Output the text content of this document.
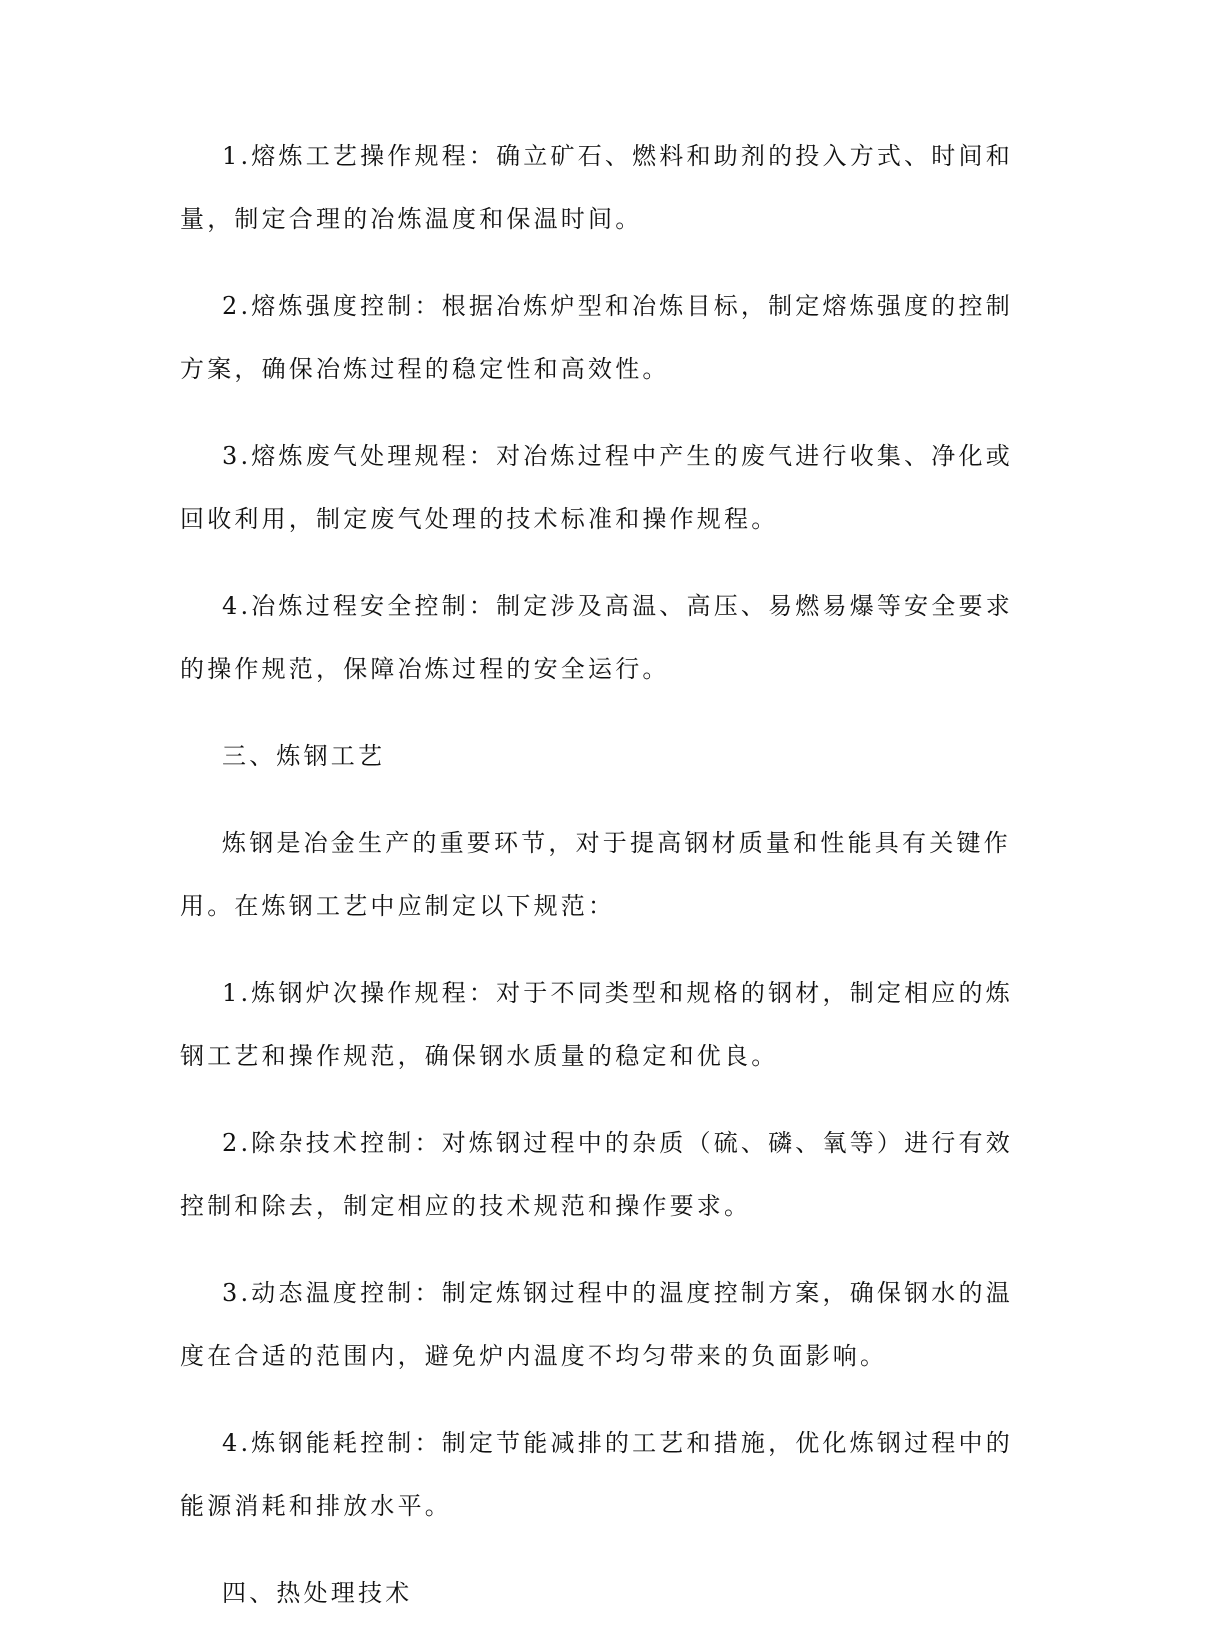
1.熔炼工艺操作规程：确立矿石、燃料和助剂的投入方式、时间和量，制定合理的冶炼温度和保温时间。

2.熔炼强度控制：根据冶炼炉型和冶炼目标，制定熔炼强度的控制方案，确保冶炼过程的稳定性和高效性。

3.熔炼废气处理规程：对冶炼过程中产生的废气进行收集、净化或回收利用，制定废气处理的技术标准和操作规程。

4.冶炼过程安全控制：制定涉及高温、高压、易燃易爆等安全要求的操作规范，保障冶炼过程的安全运行。

三、炼钢工艺

炼钢是冶金生产的重要环节，对于提高钢材质量和性能具有关键作用。在炼钢工艺中应制定以下规范：

1.炼钢炉次操作规程：对于不同类型和规格的钢材，制定相应的炼钢工艺和操作规范，确保钢水质量的稳定和优良。

2.除杂技术控制：对炼钢过程中的杂质（硫、磷、氧等）进行有效控制和除去，制定相应的技术规范和操作要求。

3.动态温度控制：制定炼钢过程中的温度控制方案，确保钢水的温度在合适的范围内，避免炉内温度不均匀带来的负面影响。

4.炼钢能耗控制：制定节能减排的工艺和措施，优化炼钢过程中的能源消耗和排放水平。

四、热处理技术
